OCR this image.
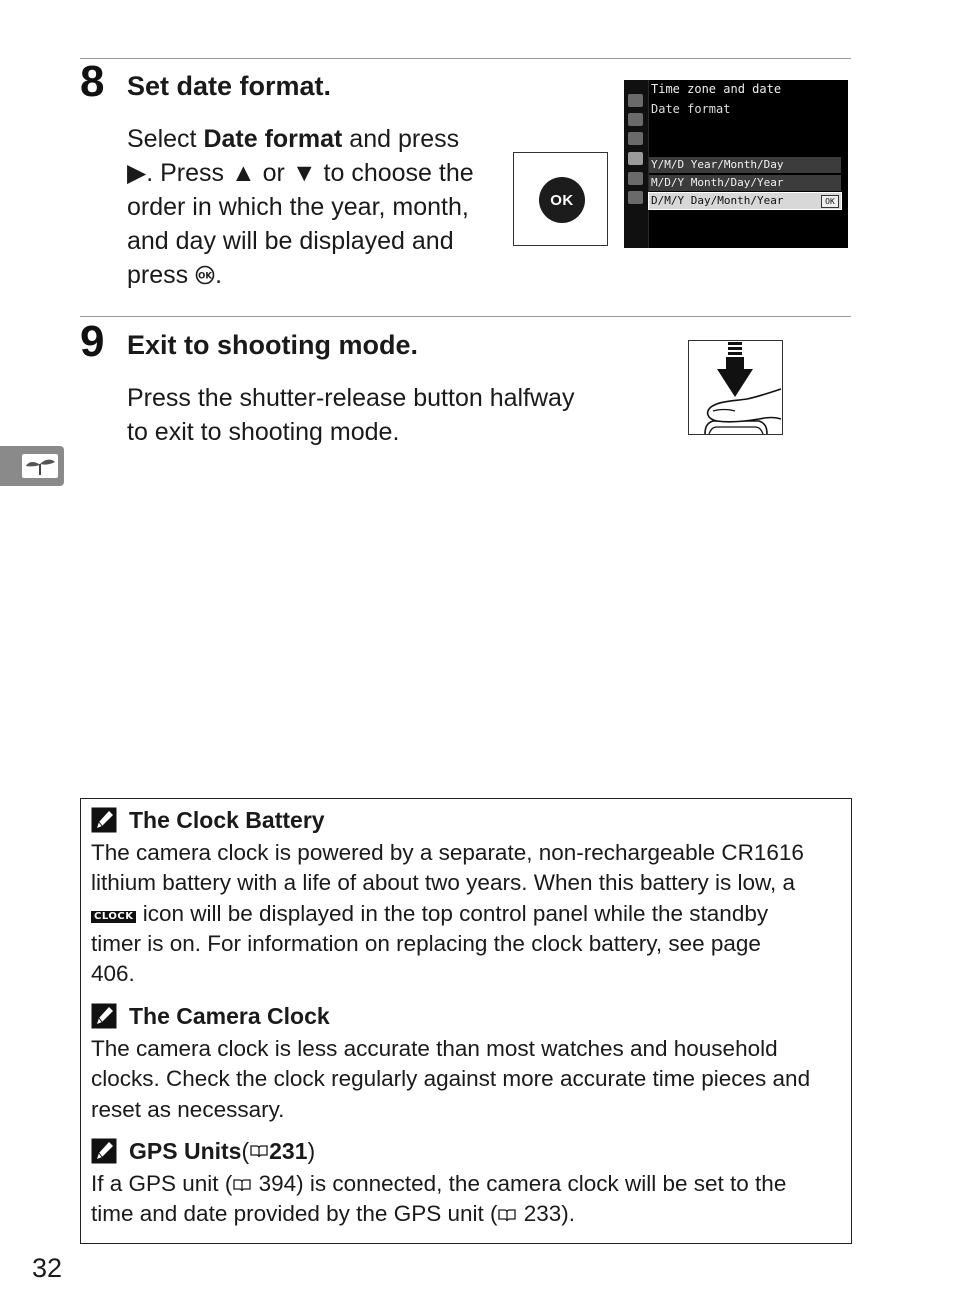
8 Set date format.
Select Date format and press
▶. Press ▲ or ▼ to choose the
order in which the year, month,
and day will be displayed and
press OK .
OK
Time zone and date
Date format
Y/M/D Year/Month/Day
M/D/Y Month/Day/Year
D/M/Y Day/Month/Year	OK
9 Exit to shooting mode.
Press the shutter-release button halfway
to exit to shooting mode.
The Clock Battery
The camera clock is powered by a separate, non-rechargeable CR1616
lithium battery with a life of about two years. When this battery is low, a
CLOCK icon will be displayed in the top control panel while the standby
timer is on. For information on replacing the clock battery, see page
406.
The Camera Clock
The camera clock is less accurate than most watches and household
clocks. Check the clock regularly against more accurate time pieces and
reset as necessary.
GPS Units ( 231 )
If a GPS unit ( 394) is connected, the camera clock will be set to the
time and date provided by the GPS unit ( 233).
32
